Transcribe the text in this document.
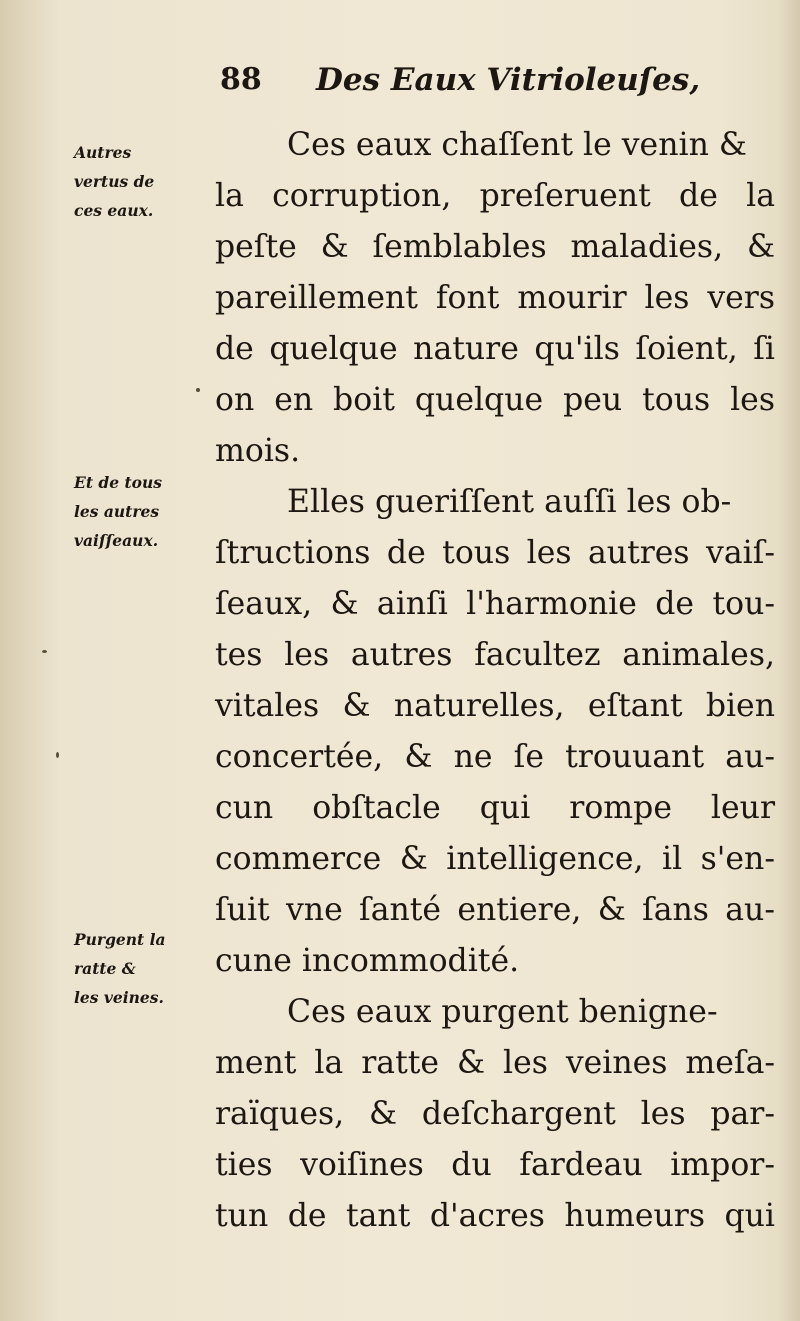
88 Des Eaux Vitrioleuſes,
Autres
vertus de
ces eaux.
Et de tous
les autres
vaiſſeaux.
Purgent la
ratte &
les veines.
Ces eaux chaſſent le venin &
la corruption, preſeruent de la
peſte & ſemblables maladies, &
pareillement font mourir les vers
de quelque nature qu'ils ſoient, ſi
on en boit quelque peu tous les
mois.
Elles gueriſſent auſſi les ob-
ſtructions de tous les autres vaiſ-
ſeaux, & ainſi l'harmonie de tou-
tes les autres facultez animales,
vitales & naturelles, eſtant bien
concertée, & ne ſe trouuant au-
cun obſtacle qui rompe leur
commerce & intelligence, il s'en-
ſuit vne ſanté entiere, & ſans au-
cune incommodité.
Ces eaux purgent benigne-
ment la ratte & les veines meſa-
raïques, & deſchargent les par-
ties voiſines du fardeau impor-
tun de tant d'acres humeurs qui
